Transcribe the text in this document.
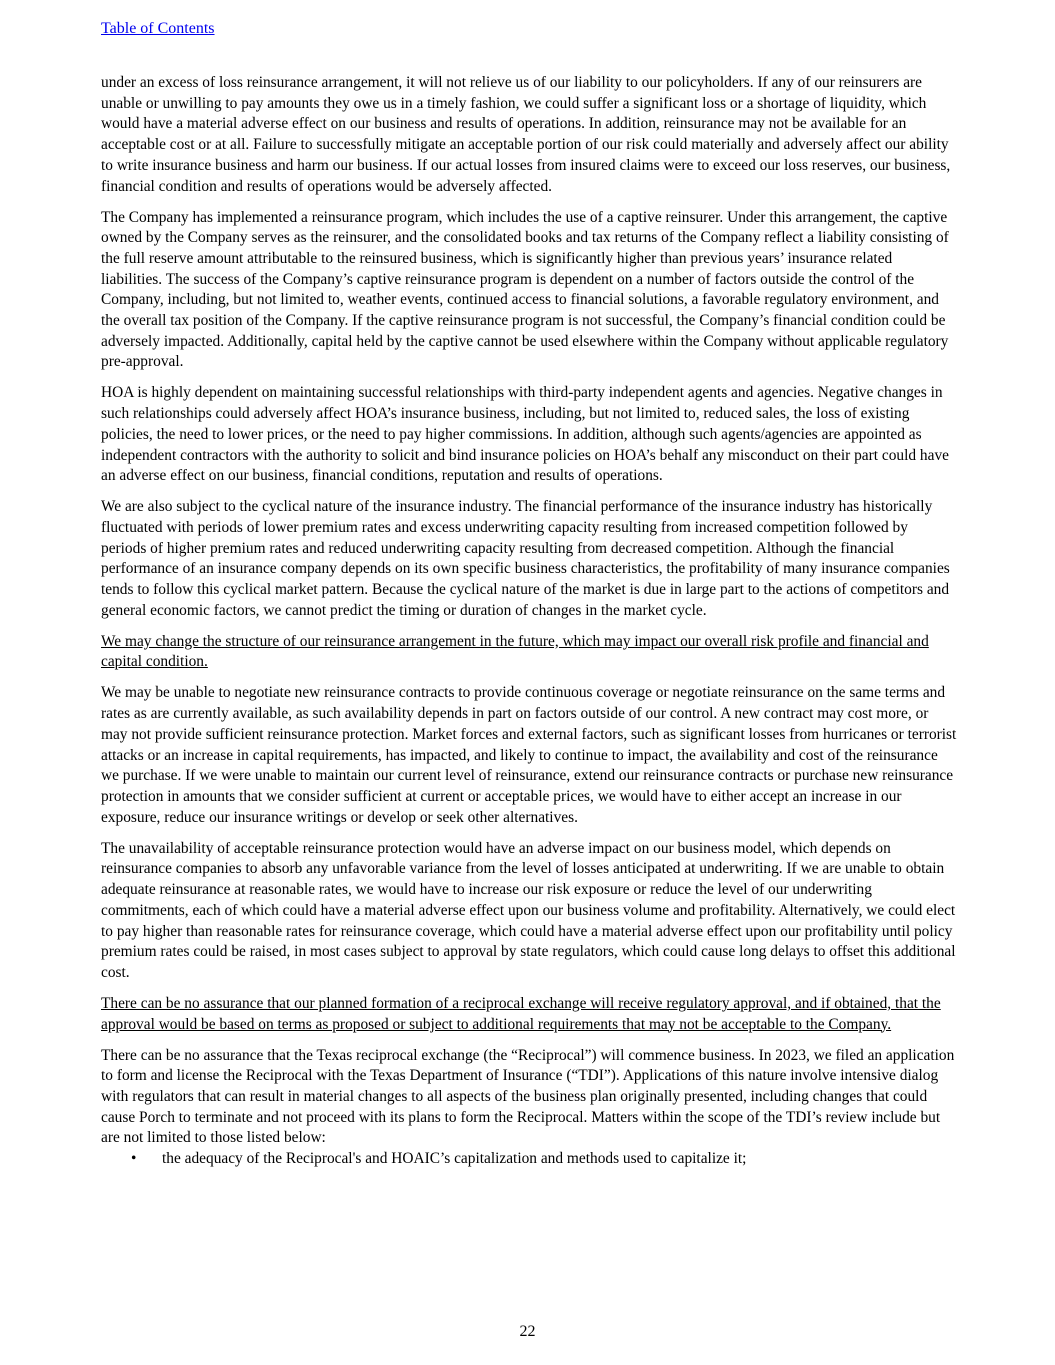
Table of Contents

under an excess of loss reinsurance arrangement, it will not relieve us of our liability to our policyholders. If any of our reinsurers are unable or unwilling to pay amounts they owe us in a timely fashion, we could suffer a significant loss or a shortage of liquidity, which would have a material adverse effect on our business and results of operations. In addition, reinsurance may not be available for an acceptable cost or at all. Failure to successfully mitigate an acceptable portion of our risk could materially and adversely affect our ability to write insurance business and harm our business. If our actual losses from insured claims were to exceed our loss reserves, our business, financial condition and results of operations would be adversely affected.

The Company has implemented a reinsurance program, which includes the use of a captive reinsurer. Under this arrangement, the captive owned by the Company serves as the reinsurer, and the consolidated books and tax returns of the Company reflect a liability consisting of the full reserve amount attributable to the reinsured business, which is significantly higher than previous years’ insurance related liabilities. The success of the Company’s captive reinsurance program is dependent on a number of factors outside the control of the Company, including, but not limited to, weather events, continued access to financial solutions, a favorable regulatory environment, and the overall tax position of the Company. If the captive reinsurance program is not successful, the Company’s financial condition could be adversely impacted. Additionally, capital held by the captive cannot be used elsewhere within the Company without applicable regulatory pre-approval.

HOA is highly dependent on maintaining successful relationships with third-party independent agents and agencies. Negative changes in such relationships could adversely affect HOA’s insurance business, including, but not limited to, reduced sales, the loss of existing policies, the need to lower prices, or the need to pay higher commissions. In addition, although such agents/agencies are appointed as independent contractors with the authority to solicit and bind insurance policies on HOA’s behalf any misconduct on their part could have an adverse effect on our business, financial conditions, reputation and results of operations.

We are also subject to the cyclical nature of the insurance industry. The financial performance of the insurance industry has historically fluctuated with periods of lower premium rates and excess underwriting capacity resulting from increased competition followed by periods of higher premium rates and reduced underwriting capacity resulting from decreased competition. Although the financial performance of an insurance company depends on its own specific business characteristics, the profitability of many insurance companies tends to follow this cyclical market pattern. Because the cyclical nature of the market is due in large part to the actions of competitors and general economic factors, we cannot predict the timing or duration of changes in the market cycle.

We may change the structure of our reinsurance arrangement in the future, which may impact our overall risk profile and financial and capital condition.

We may be unable to negotiate new reinsurance contracts to provide continuous coverage or negotiate reinsurance on the same terms and rates as are currently available, as such availability depends in part on factors outside of our control. A new contract may cost more, or may not provide sufficient reinsurance protection. Market forces and external factors, such as significant losses from hurricanes or terrorist attacks or an increase in capital requirements, has impacted, and likely to continue to impact, the availability and cost of the reinsurance we purchase. If we were unable to maintain our current level of reinsurance, extend our reinsurance contracts or purchase new reinsurance protection in amounts that we consider sufficient at current or acceptable prices, we would have to either accept an increase in our exposure, reduce our insurance writings or develop or seek other alternatives.

The unavailability of acceptable reinsurance protection would have an adverse impact on our business model, which depends on reinsurance companies to absorb any unfavorable variance from the level of losses anticipated at underwriting. If we are unable to obtain adequate reinsurance at reasonable rates, we would have to increase our risk exposure or reduce the level of our underwriting commitments, each of which could have a material adverse effect upon our business volume and profitability. Alternatively, we could elect to pay higher than reasonable rates for reinsurance coverage, which could have a material adverse effect upon our profitability until policy premium rates could be raised, in most cases subject to approval by state regulators, which could cause long delays to offset this additional cost.

There can be no assurance that our planned formation of a reciprocal exchange will receive regulatory approval, and if obtained, that the approval would be based on terms as proposed or subject to additional requirements that may not be acceptable to the Company.

There can be no assurance that the Texas reciprocal exchange (the “Reciprocal”) will commence business. In 2023, we filed an application to form and license the Reciprocal with the Texas Department of Insurance (“TDI”). Applications of this nature involve intensive dialog with regulators that can result in material changes to all aspects of the business plan originally presented, including changes that could cause Porch to terminate and not proceed with its plans to form the Reciprocal. Matters within the scope of the TDI’s review include but are not limited to those listed below:

• the adequacy of the Reciprocal's and HOAIC’s capitalization and methods used to capitalize it;
22
